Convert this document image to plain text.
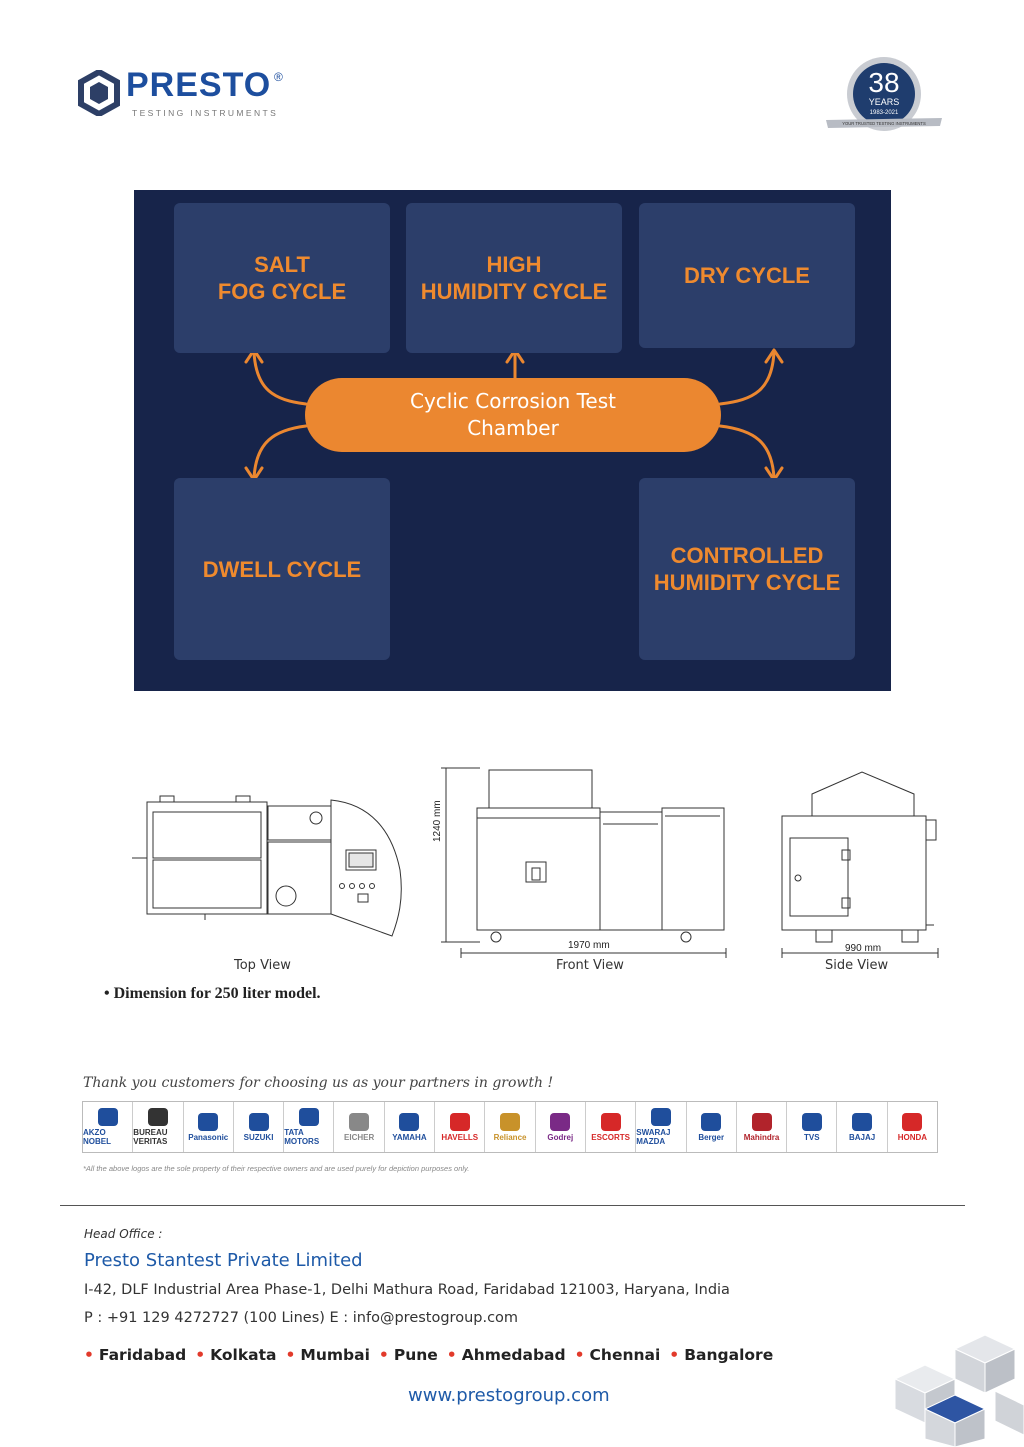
PRESTO ®
TESTING INSTRUMENTS
38
YEARS
1983-2021
YOUR TRUSTED TESTING INSTRUMENTS
SALT
FOG CYCLE
HIGH
HUMIDITY CYCLE
DRY CYCLE
DWELL CYCLE
CONTROLLED
HUMIDITY CYCLE
Cyclic Corrosion Test
Chamber
1240 mm
1970 mm	990 mm
Top View	Front View	Side View
• Dimension for 250 liter model.
Thank you customers for choosing us as your partners in growth !
AKZO NOBEL
BUREAU VERITAS	Panasonic SUZUKI TATA MOTORS	EICHER YAMAHA HAVELLS Reliance	Godrej ESCORTS SWARAJ MAZDA	Berger Mahindra	TVS	BAJAJ	HONDA
*All the above logos are the sole property of their respective owners and are used purely for depiction purposes only.
Head Office :
Presto Stantest Private Limited
I-42, DLF Industrial Area Phase-1, Delhi Mathura Road, Faridabad 121003, Haryana, India
P : +91 129 4272727 (100 Lines) E : info@prestogroup.com
• Faridabad • Kolkata • Mumbai • Pune • Ahmedabad • Chennai • Bangalore
www.prestogroup.com
